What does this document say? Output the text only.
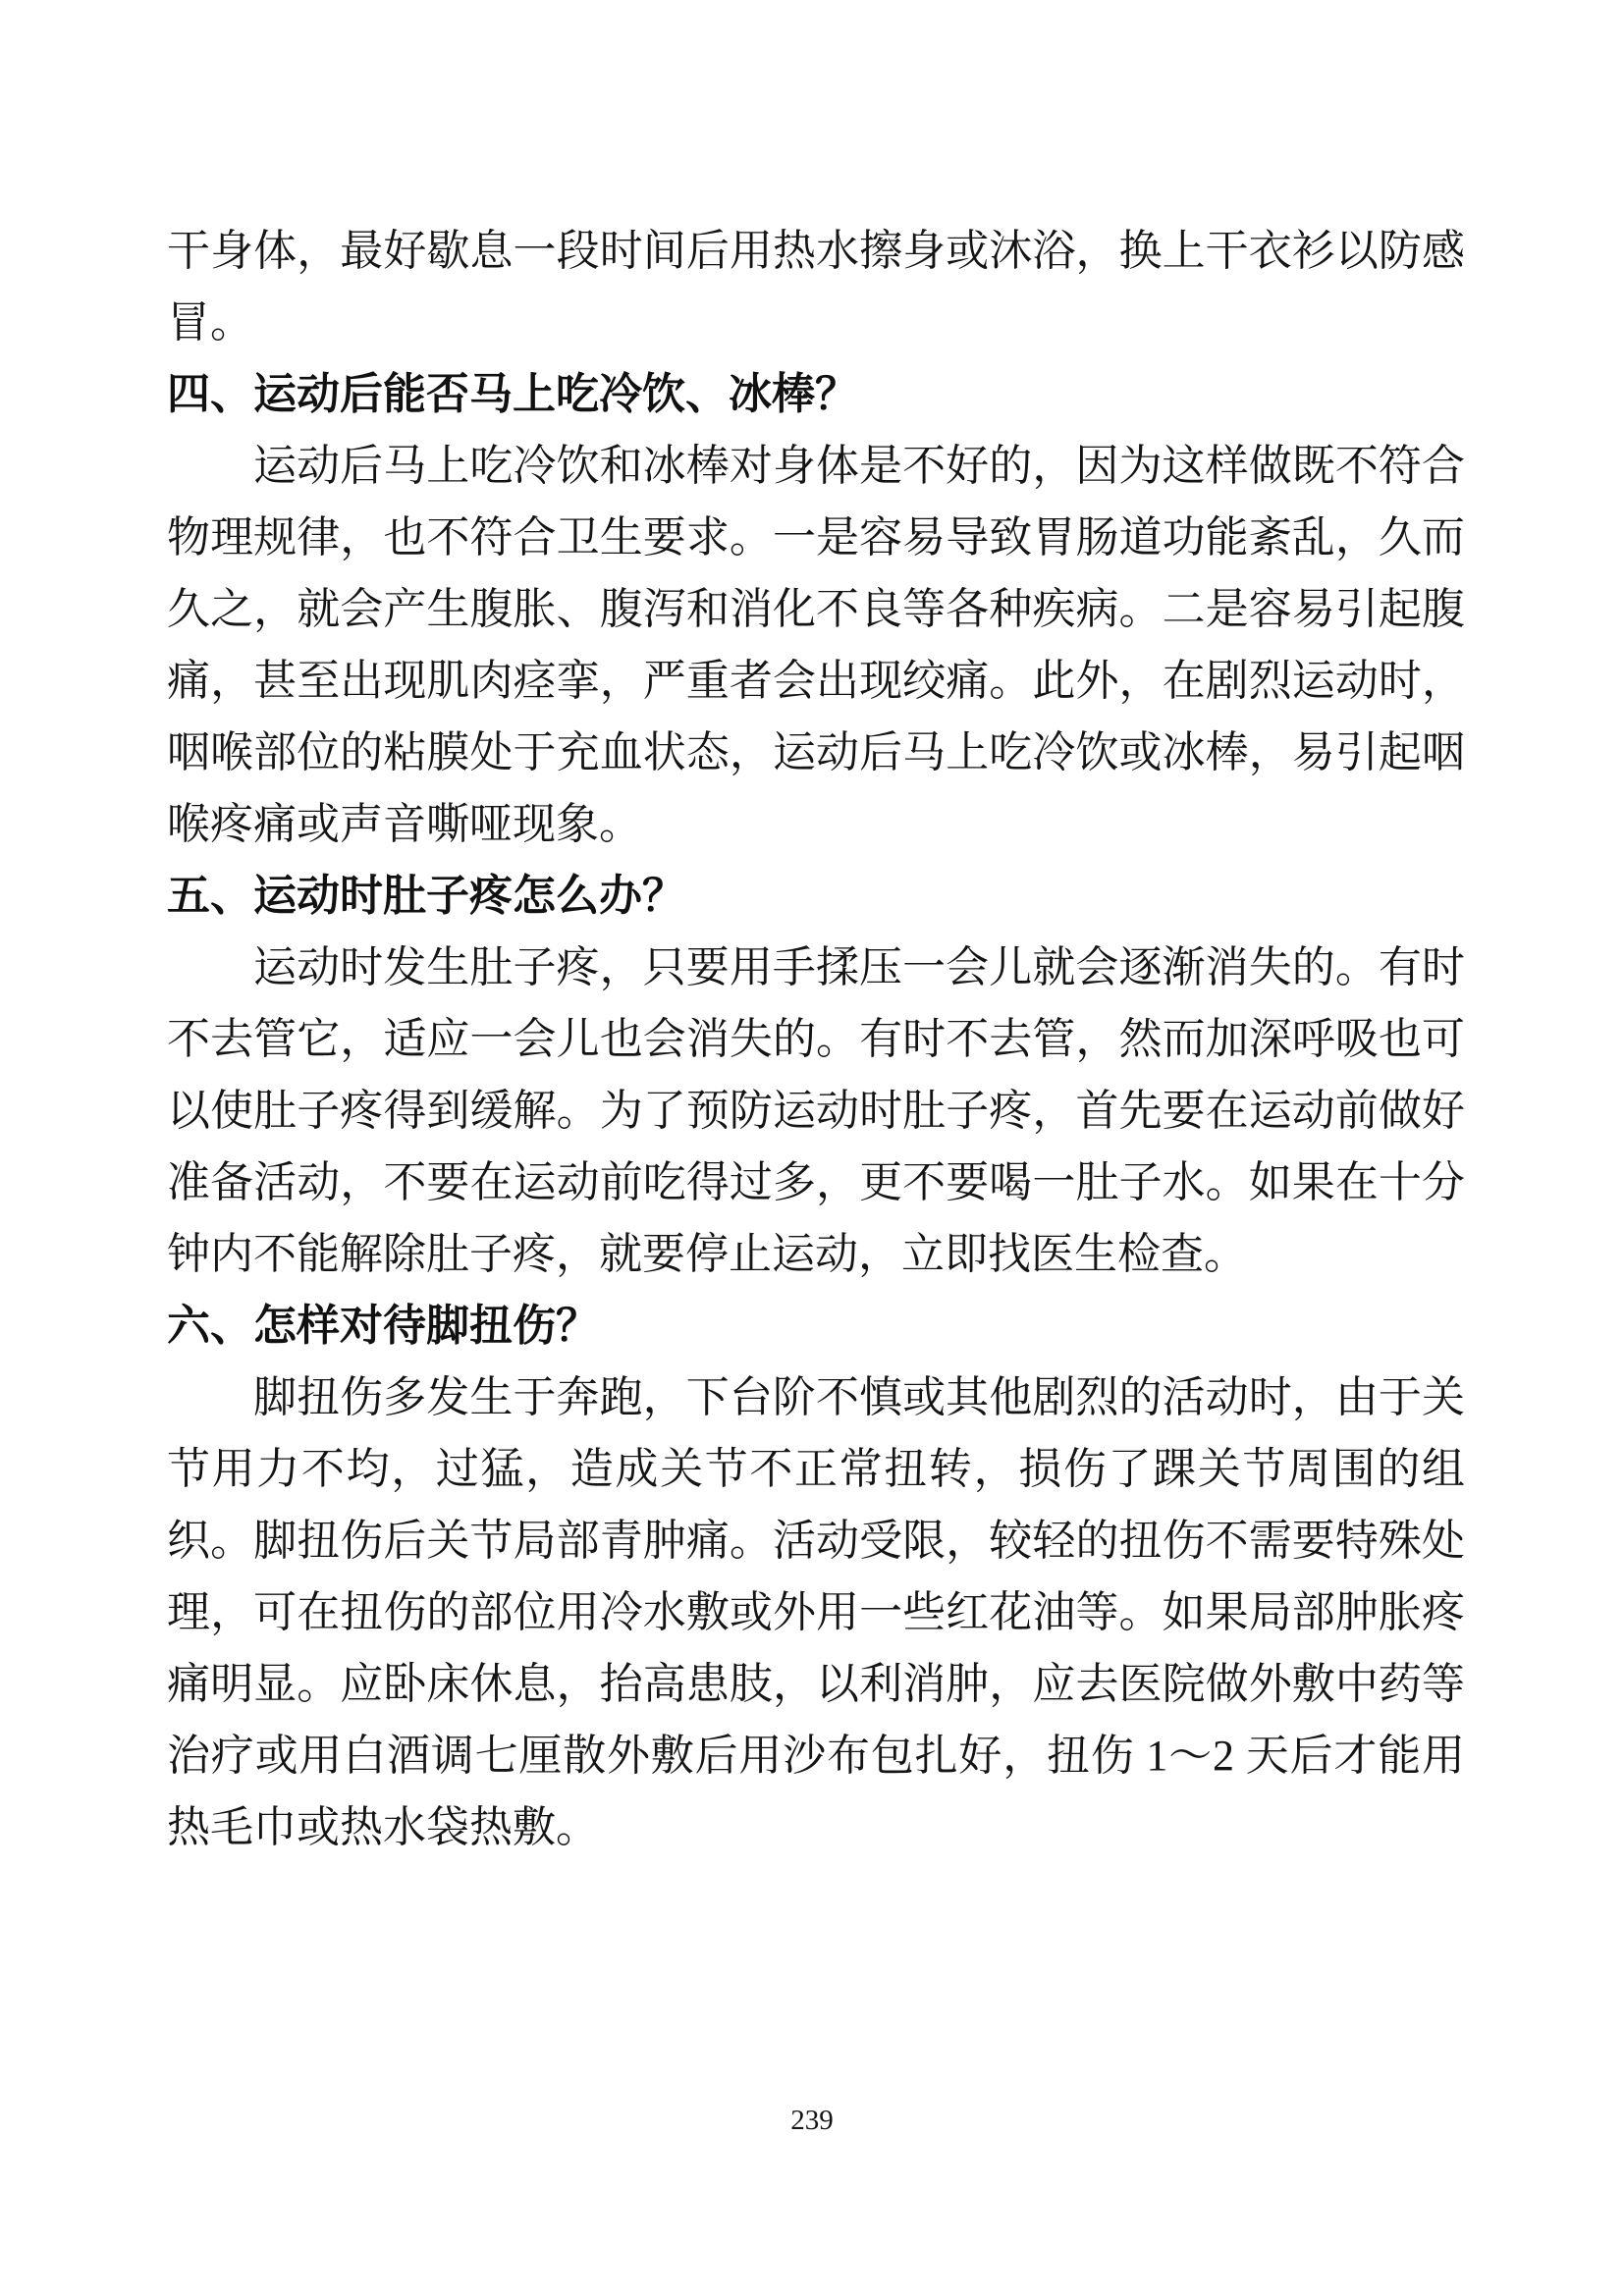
干身体，最好歇息一段时间后用热水擦身或沐浴，换上干衣衫以防感冒。

四、运动后能否马上吃冷饮、冰棒？

运动后马上吃冷饮和冰棒对身体是不好的，因为这样做既不符合物理规律，也不符合卫生要求。一是容易导致胃肠道功能紊乱，久而久之，就会产生腹胀、腹泻和消化不良等各种疾病。二是容易引起腹痛，甚至出现肌肉痉挛，严重者会出现绞痛。此外，在剧烈运动时，咽喉部位的粘膜处于充血状态，运动后马上吃冷饮或冰棒，易引起咽喉疼痛或声音嘶哑现象。

五、运动时肚子疼怎么办？

运动时发生肚子疼，只要用手揉压一会儿就会逐渐消失的。有时不去管它，适应一会儿也会消失的。有时不去管，然而加深呼吸也可以使肚子疼得到缓解。为了预防运动时肚子疼，首先要在运动前做好准备活动，不要在运动前吃得过多，更不要喝一肚子水。如果在十分钟内不能解除肚子疼，就要停止运动，立即找医生检查。

六、怎样对待脚扭伤？

脚扭伤多发生于奔跑，下台阶不慎或其他剧烈的活动时，由于关节用力不均，过猛，造成关节不正常扭转，损伤了踝关节周围的组织。脚扭伤后关节局部青肿痛。活动受限，较轻的扭伤不需要特殊处理，可在扭伤的部位用冷水敷或外用一些红花油等。如果局部肿胀疼痛明显。应卧床休息，抬高患肢，以利消肿，应去医院做外敷中药等治疗或用白酒调七厘散外敷后用沙布包扎好，扭伤 1～2 天后才能用热毛巾或热水袋热敷。

239
